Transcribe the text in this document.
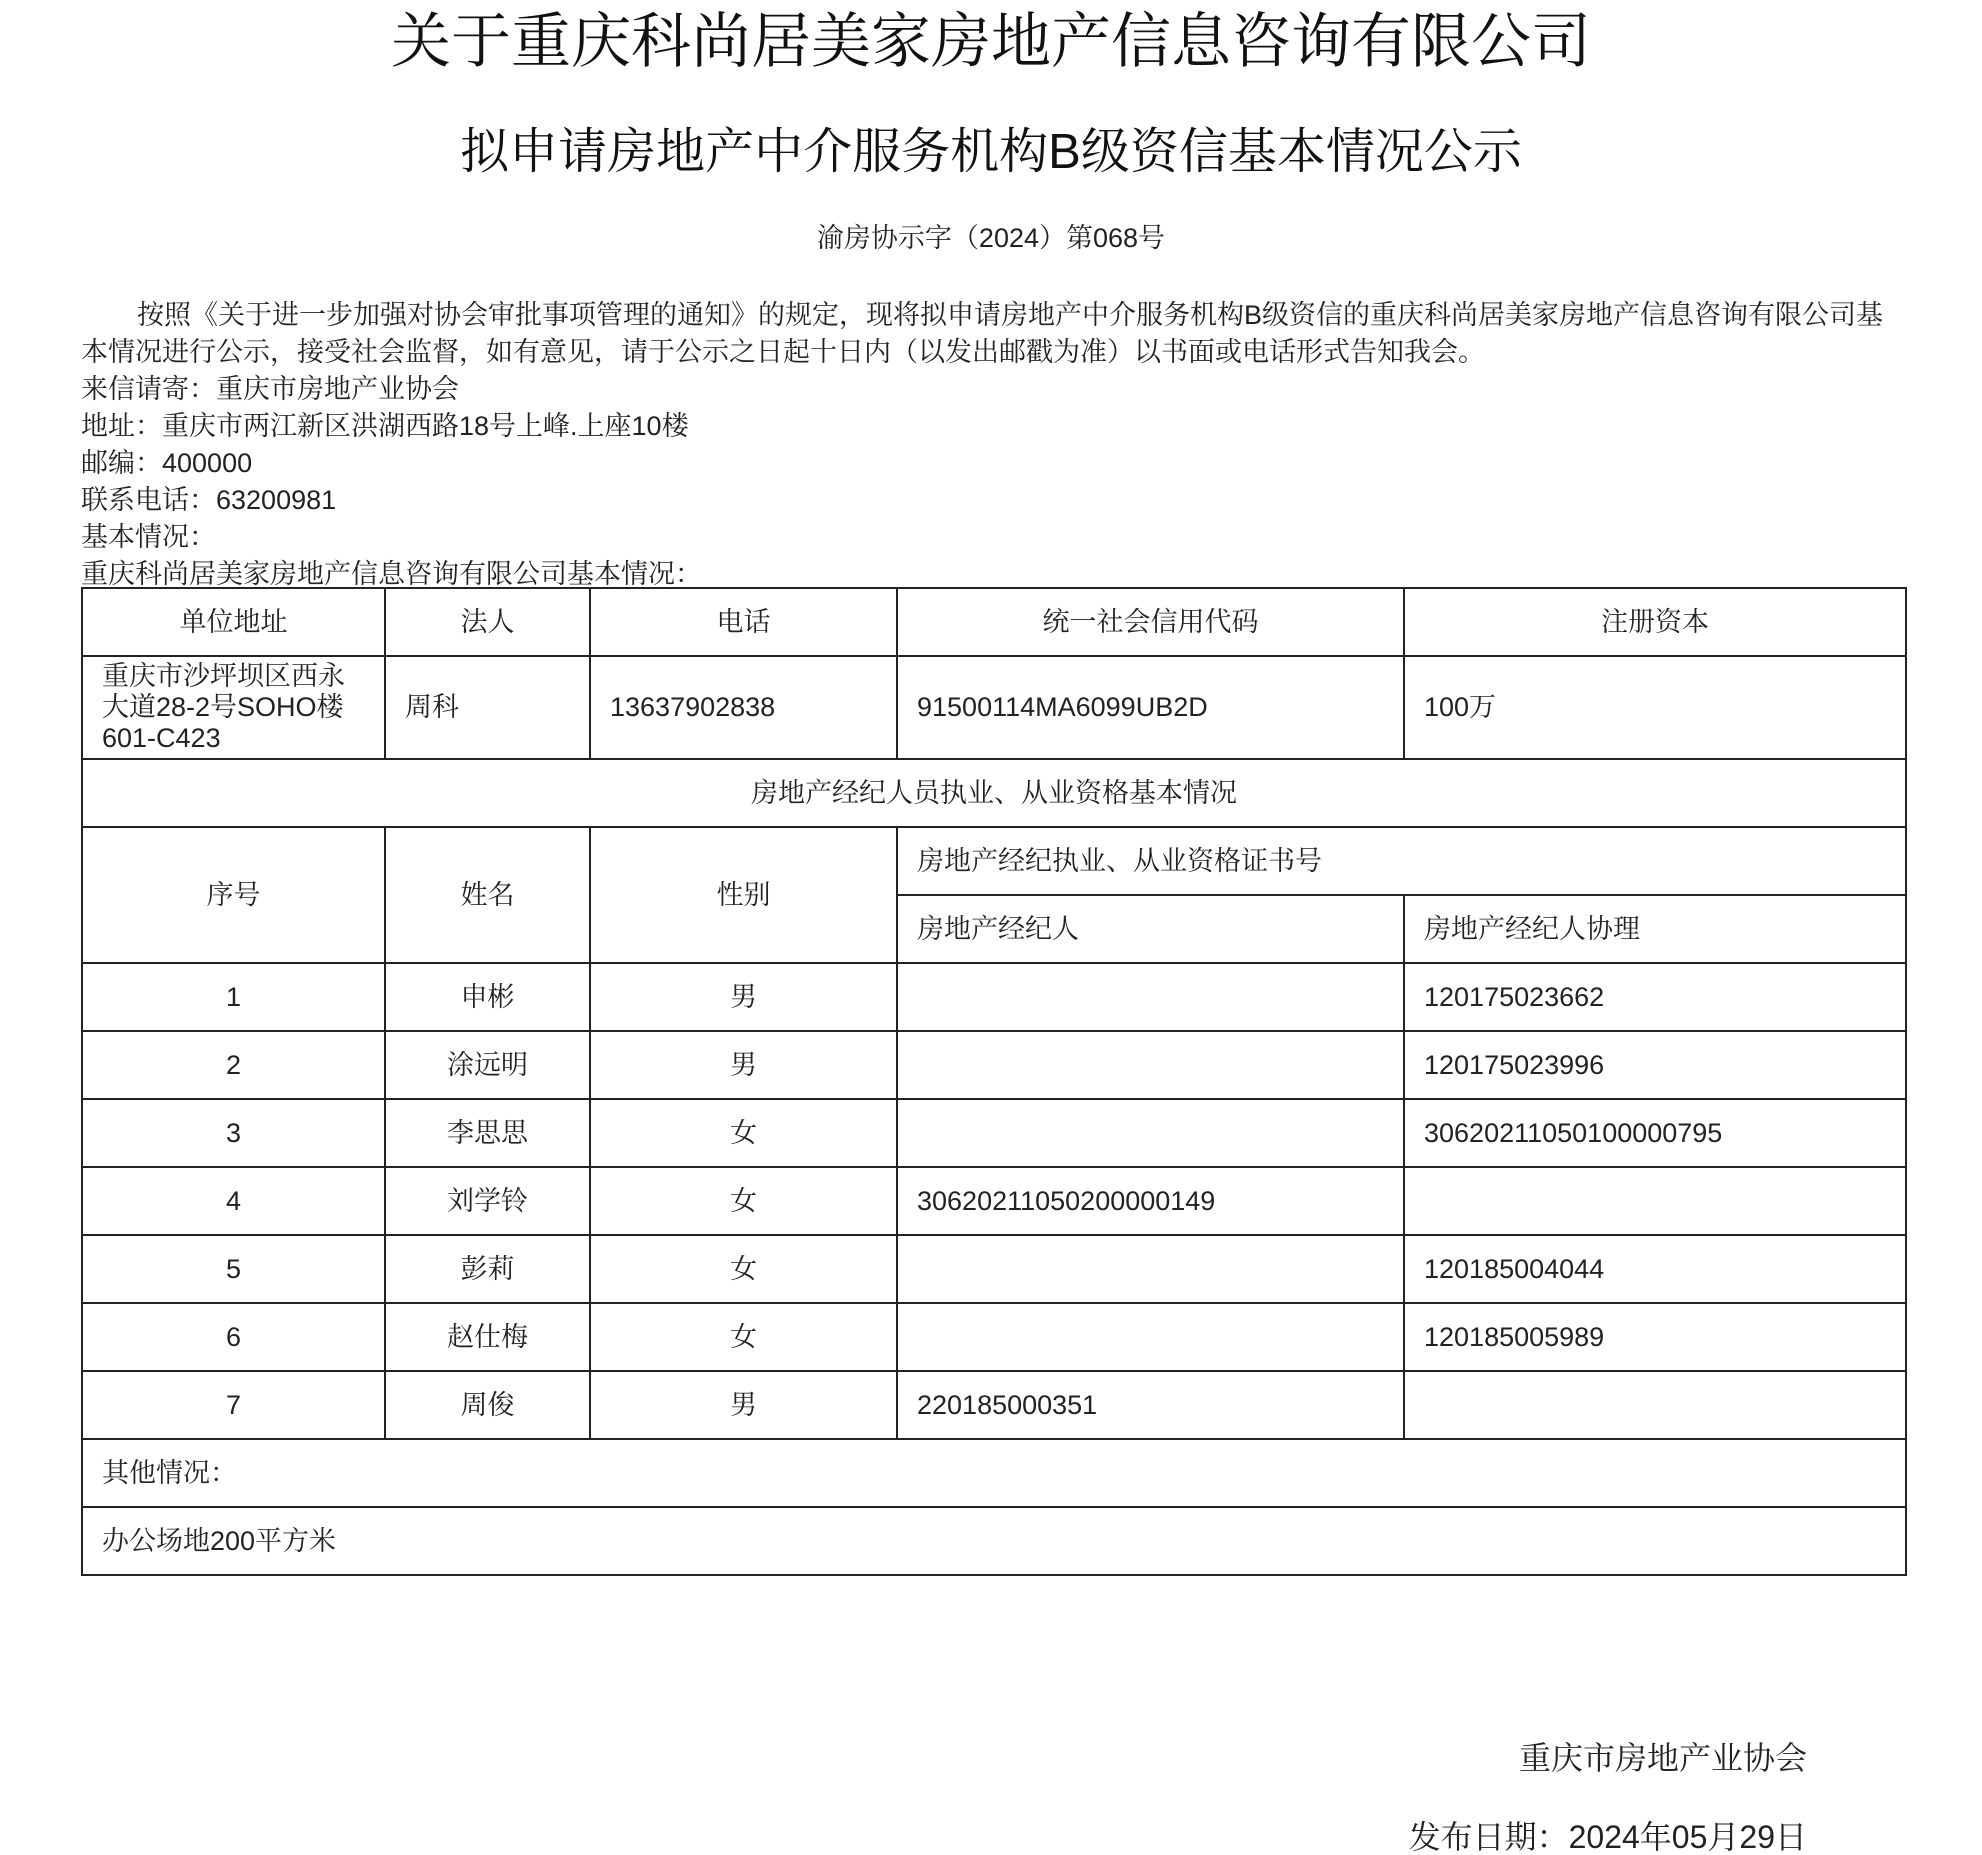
关于重庆科尚居美家房地产信息咨询有限公司
拟申请房地产中介服务机构B级资信基本情况公示
渝房协示字（2024）第068号

按照《关于进一步加强对协会审批事项管理的通知》的规定，现将拟申请房地产中介服务机构B级资信的重庆科尚居美家房地产信息咨询有限公司基本情况进行公示，接受社会监督，如有意见，请于公示之日起十日内（以发出邮戳为准）以书面或电话形式告知我会。

来信请寄：重庆市房地产业协会

地址：重庆市两江新区洪湖西路18号上峰.上座10楼

邮编：400000

联系电话：63200981

基本情况：

重庆科尚居美家房地产信息咨询有限公司基本情况：

单位地址	法人	电话	统一社会信用代码	注册资本
重庆市沙坪坝区西永大道28-2号SOHO楼601-C423	周科	13637902838	91500114MA6099UB2D	100万
房地产经纪人员执业、从业资格基本情况				
序号	姓名	性别	房地产经纪执业、从业资格证书号	
			房地产经纪人	房地产经纪人协理
1	申彬	男		120175023662
2	涂远明	男		120175023996
3	李思思	女		30620211050100000795
4	刘学铃	女	30620211050200000149	
5	彭莉	女		120185004044
6	赵仕梅	女		120185005989
7	周俊	男	220185000351	
其他情况：				
办公场地200平方米				
重庆市房地产业协会
发布日期：2024年05月29日
